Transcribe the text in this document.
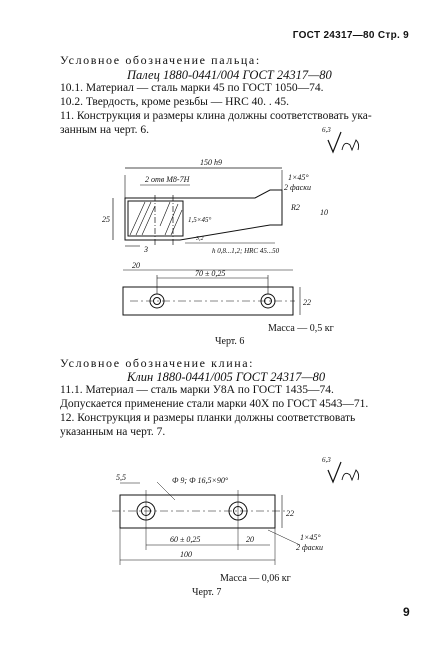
ГОСТ 24317—80 Стр. 9
Условное обозначение пальца:
Палец 1880-0441/004 ГОСТ 24317—80
10.1. Материал — сталь марки 45 по ГОСТ 1050—74.
10.2. Твердость, кроме резьбы — HRC 40. . 45.
11. Конструкция и размеры клина должны соответствовать ука-
занным на черт. 6.
150 h9
2 отв M8-7H	1×45°
2 фаски
R2
10
25	1,5×45°
h 0,8...1,2; HRC 45...50
3
3,2
20
70 ± 0,25
22
6,3
Масса — 0,5 кг
Черт. 6
Условное обозначение клина:
Клин 1880-0441/005 ГОСТ 24317—80
11.1. Материал — сталь марки У8А по ГОСТ 1435—74.
Допускается применение стали марки 40Х по ГОСТ 4543—71.
12. Конструкция и размеры планки должны соответствовать
указанным на черт. 7.
6,3
5,5	Ф 9; Ф 16,5×90°
22
1×45°
2 фаски
60 ± 0,25	20
100
Масса — 0,06 кг
Черт. 7
9
